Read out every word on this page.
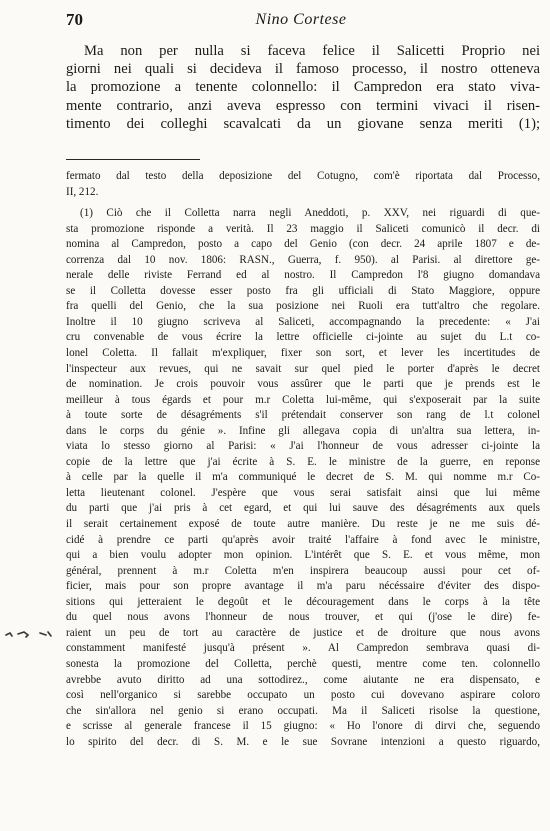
70	Nino Cortese

Ma non per nulla si faceva felice il Salicetti Proprio nei
giorni nei quali si decideva il famoso processo, il nostro otteneva
la promozione a tenente colonnello: il Campredon era stato viva-
mente contrario, anzi aveva espresso con termini vivaci il risen-
timento dei colleghi scavalcati da un giovane senza meriti (1);

fermato dal testo della deposizione del Cotugno, com'è riportata dal Processo,
II, 212.
(1) Ciò che il Colletta narra negli Aneddoti, p. XXV, nei riguardi di que-
sta promozione risponde a verità. Il 23 maggio il Saliceti comunicò il decr. di
nomina al Campredon, posto a capo del Genio (con decr. 24 aprile 1807 e de-
correnza dal 10 nov. 1806: RASN., Guerra, f. 950). al Parisi. al direttore ge-
nerale delle riviste Ferrand ed al nostro. Il Campredon l'8 giugno domandava
se il Colletta dovesse esser posto fra gli ufficiali di Stato Maggiore, oppure
fra quelli del Genio, che la sua posizione nei Ruoli era tutt'altro che regolare.
Inoltre il 10 giugno scriveva al Saliceti, accompagnando la precedente: « J'ai
cru convenable de vous écrire la lettre officielle ci-jointe au sujet du L.t co-
lonel Coletta. Il fallait m'expliquer, fixer son sort, et lever les incertitudes de
l'inspecteur aux revues, qui ne savait sur quel pied le porter d'après le decret
de nomination. Je crois pouvoir vous assûrer que le parti que je prends est le
meilleur à tous égards et pour m.r Coletta lui-même, qui s'exposerait par la suite
à toute sorte de désagréments s'il prétendait conserver son rang de l.t colonel
dans le corps du génie ». Infine gli allegava copia di un'altra sua lettera, in-
viata lo stesso giorno al Parisi: « J'ai l'honneur de vous adresser ci-jointe la
copie de la lettre que j'ai écrite à S. E. le ministre de la guerre, en reponse
à celle par la quelle il m'a communiqué le decret de S. M. qui nomme m.r Co-
letta lieutenant colonel. J'espère que vous serai satisfait ainsi que lui même
du parti que j'ai pris à cet egard, et qui lui sauve des désagréments aux quels
il serait certainement exposé de toute autre manière. Du reste je ne me suis dé-
cidé à prendre ce parti qu'après avoir traité l'affaire à fond avec le ministre,
qui a bien voulu adopter mon opinion. L'intérêt que S. E. et vous même, mon
général, prennent à m.r Coletta m'en inspirera beaucoup aussi pour cet of-
ficier, mais pour son propre avantage il m'a paru nécéssaire d'éviter des dispo-
sitions qui jetteraient le degoût et le découragement dans le corps à la tête
du quel nous avons l'honneur de nous trouver, et qui (j'ose le dire) fe-
raient un peu de tort au caractère de justice et de droiture que nous avons
constamment manifesté jusqu'à présent ». Al Campredon sembrava quasi di-
sonesta la promozione del Colletta, perchè questi, mentre come ten. colonnello
avrebbe avuto diritto ad una sottodirez., come aiutante ne era dispensato, e
così nell'organico si sarebbe occupato un posto cui dovevano aspirare coloro
che sin'allora nel genio si erano occupati. Ma il Saliceti risolse la questione,
e scrisse al generale francese il 15 giugno: « Ho l'onore di dirvi che, seguendo
lo spirito del decr. di S. M. e le sue Sovrane intenzioni a questo riguardo,
